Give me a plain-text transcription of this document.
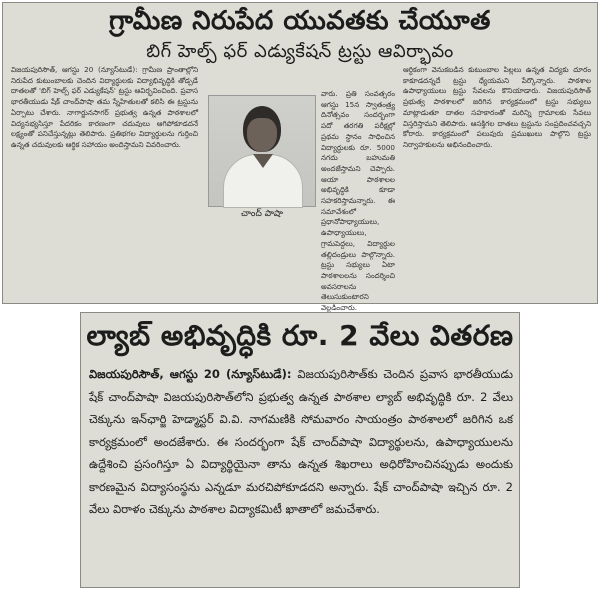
గ్రామీణ నిరుపేద యువతకు చేయూత
బిగ్ హెల్ప్ ఫర్ ఎడ్యుకేషన్ ట్రస్టు ఆవిర్భావం
విజయపురిసౌత్, ఆగస్టు 20 (న్యూస్‌టుడే): గ్రామీణ ప్రాంతాల్లోని నిరుపేద కుటుంబాలకు చెందిన విద్యార్థులకు విద్యాభివృద్ధికి తోడ్పడే దాతలతో 'బిగ్ హెల్ప్ ఫర్ ఎడ్యుకేషన్' ట్రస్టు ఆవిర్భవించింది. ప్రవాస భారతీయుడు షేక్ చాంద్‌పాషా తమ స్నేహితులతో కలిసి ఈ ట్రస్టును ఏర్పాటు చేశారు. నాగార్జునసాగర్ ప్రభుత్వ ఉన్నత పాఠశాలలో విద్యనభ్యసిస్తూ పేదరికం కారణంగా చదువులు ఆగిపోకూడదనే లక్ష్యంతో పనిచేస్తున్నట్లు తెలిపారు. ప్రతిభగల విద్యార్థులను గుర్తించి ఉన్నత చదువులకు ఆర్థిక సహాయం అందిస్తామని వివరించారు.
వారు. ప్రతి సంవత్సరం ఆగస్టు 15న స్వాతంత్ర్య దినోత్సవం సందర్భంగా పదో తరగతి పరీక్షల్లో ప్రథమ స్థానం సాధించిన విద్యార్థులకు రూ. 5000 నగదు బహుమతి అందజేస్తామని చెప్పారు. ఆయా పాఠశాలల అభివృద్ధికి కూడా సహకరిస్తామన్నారు. ఈ సమావేశంలో ప్రధానోపాధ్యాయులు, ఉపాధ్యాయులు, గ్రామపెద్దలు, విద్యార్థుల తల్లిదండ్రులు పాల్గొన్నారు. ట్రస్టు సభ్యులు ఏటా పాఠశాలలను సందర్శించి అవసరాలను తెలుసుకుంటారని వెల్లడించారు.
ఆర్థికంగా వెనుకబడిన కుటుంబాల పిల్లలు ఉన్నత విద్యకు దూరం కాకూడదన్నదే ట్రస్టు ధ్యేయమని పేర్కొన్నారు. పాఠశాల ఉపాధ్యాయులు ట్రస్టు సేవలను కొనియాడారు. విజయపురిసౌత్ ప్రభుత్వ పాఠశాలలో జరిగిన కార్యక్రమంలో ట్రస్టు సభ్యులు మాట్లాడుతూ దాతల సహకారంతో మరిన్ని గ్రామాలకు సేవలు విస్తరిస్తామని తెలిపారు. ఆసక్తిగల దాతలు ట్రస్టును సంప్రదించవచ్చని కోరారు. కార్యక్రమంలో పలువురు ప్రముఖులు పాల్గొని ట్రస్టు నిర్వాహకులను అభినందించారు.
చాంద్ పాషా
ల్యాబ్ అభివృద్ధికి రూ. 2 వేలు వితరణ
విజయపురిసౌత్, ఆగస్టు 20 (న్యూస్‌టుడే): విజయపురిసౌత్‌కు చెందిన ప్రవాస భారతీయుడు షేక్ చాంద్‌పాషా విజయపురిసౌత్‌లోని ప్రభుత్వ ఉన్నత పాఠశాల ల్యాబ్ అభివృద్ధికి రూ. 2 వేలు చెక్కును ఇన్‌ఛార్జి హెడ్మాస్టర్ వి.వి. నాగమణికి సోమవారం సాయంత్రం పాఠశాలలో జరిగిన ఒక కార్యక్రమంలో అందజేశారు. ఈ సందర్భంగా షేక్ చాంద్‌పాషా విద్యార్థులను, ఉపాధ్యాయులను ఉద్దేశించి ప్రసంగిస్తూ ఏ విద్యార్థియైనా తాను ఉన్నత శిఖరాలు అధిరోహించినప్పుడు అందుకు కారణమైన విద్యాసంస్థను ఎన్నడూ మరచిపోకూడదని అన్నారు. షేక్ చాంద్‌పాషా ఇచ్చిన రూ. 2 వేలు విరాళం చెక్కును పాఠశాల విద్యాకమిటీ ఖాతాలో జమచేశారు.
